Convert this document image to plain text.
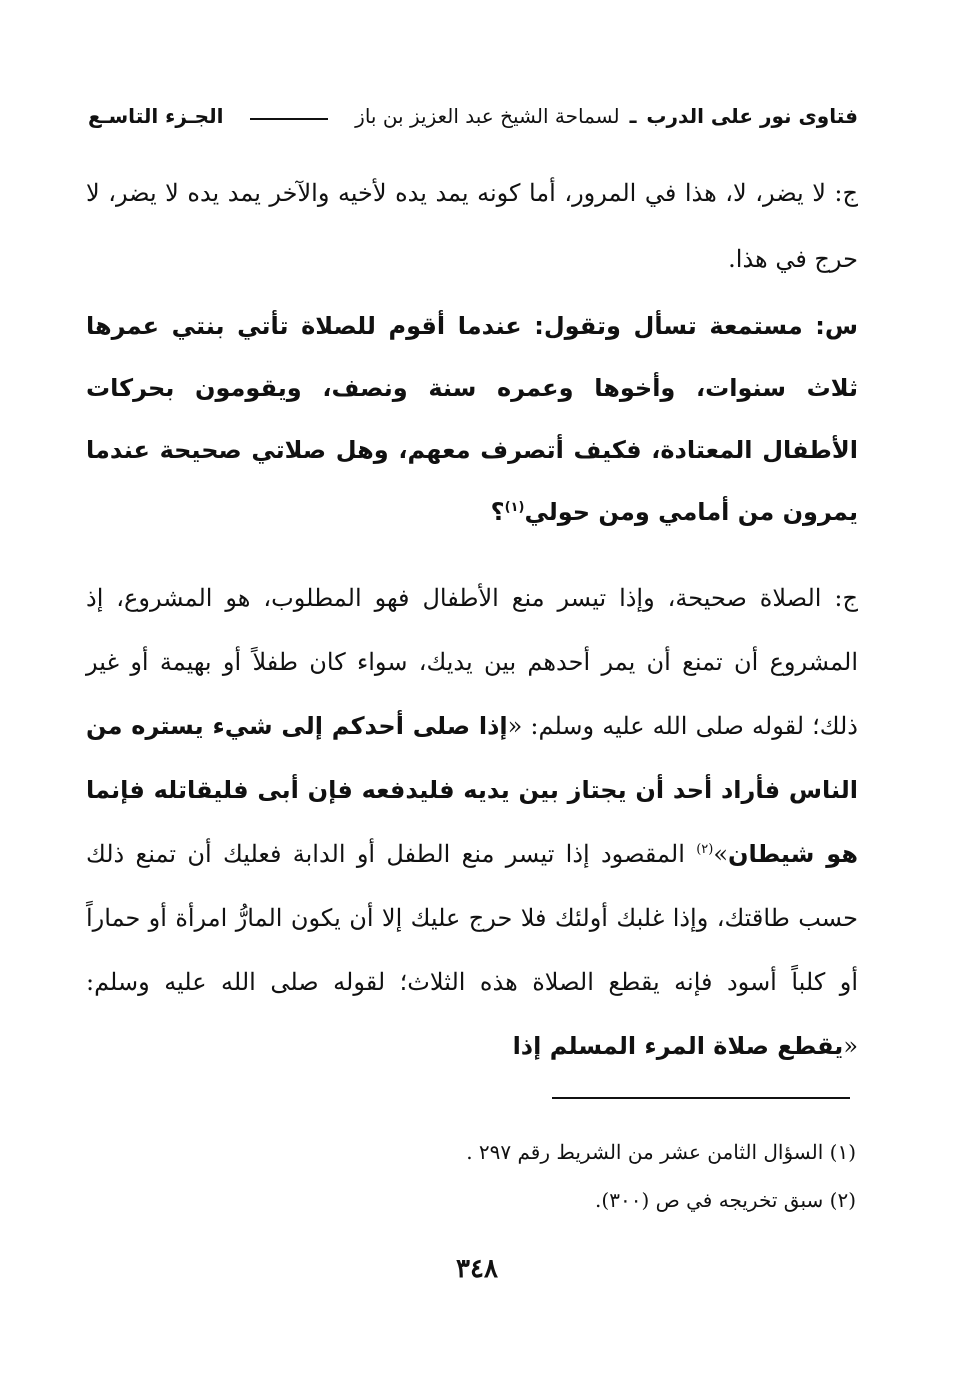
فتاوى نور على الدرب
ـ
لسماحة الشيخ عبد العزيز بن باز
الجـزء التاسـع
ج: لا يضر، لا، هذا في المرور، أما كونه يمد يده لأخيه والآخر يمد يده لا يضر، لا حرج في هذا.
س: مستمعة تسأل وتقول: عندما أقوم للصلاة تأتي بنتي عمرها ثلاث سنوات، وأخوها وعمره سنة ونصف، ويقومون بحركات الأطفال المعتادة، فكيف أتصرف معهم، وهل صلاتي صحيحة عندما يمرون من أمامي ومن حولي$^{(١)}$؟
ج: الصلاة صحيحة، وإذا تيسر منع الأطفال فهو المطلوب، هو المشروع، إذ المشروع أن تمنع أن يمر أحدهم بين يديك، سواء كان طفلاً أو بهيمة أو غير ذلك؛ لقوله صلى الله عليه وسلم: «إذا صلى أحدكم إلى شيء يستره من الناس فأراد أحد أن يجتاز بين يديه فليدفعه فإن أبى فليقاتله فإنما هو شيطان»$^{(٢)}$ المقصود إذا تيسر منع الطفل أو الدابة فعليك أن تمنع ذلك حسب طاقتك، وإذا غلبك أولئك فلا حرج عليك إلا أن يكون المارُّ امرأة أو حماراً أو كلباً أسود فإنه يقطع الصلاة هذه الثلاث؛ لقوله صلى الله عليه وسلم: «يقطع صلاة المرء المسلم إذا
(١) السؤال الثامن عشر من الشريط رقم ٢٩٧ .
(٢) سبق تخريجه في ص (٣٠٠).
٣٤٨
